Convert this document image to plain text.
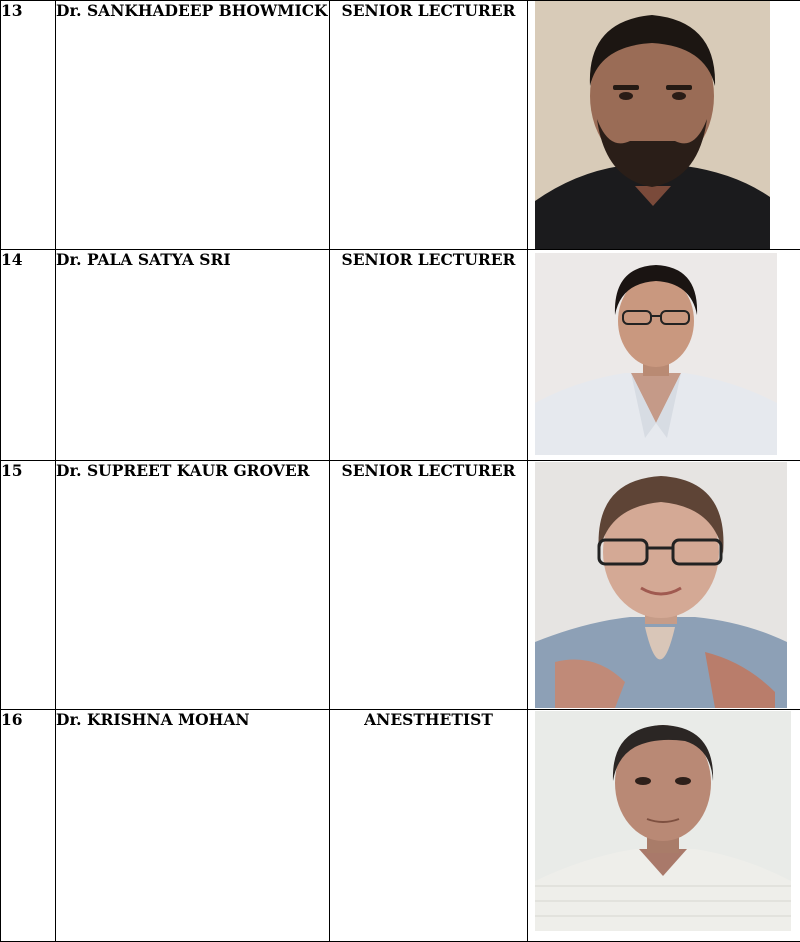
13	Dr. SANKHADEEP BHOWMICK	SENIOR LECTURER	

14	Dr. PALA SATYA SRI	SENIOR LECTURER	

15	Dr. SUPREET KAUR GROVER	SENIOR LECTURER	

16	Dr. KRISHNA MOHAN	ANESTHETIST	
